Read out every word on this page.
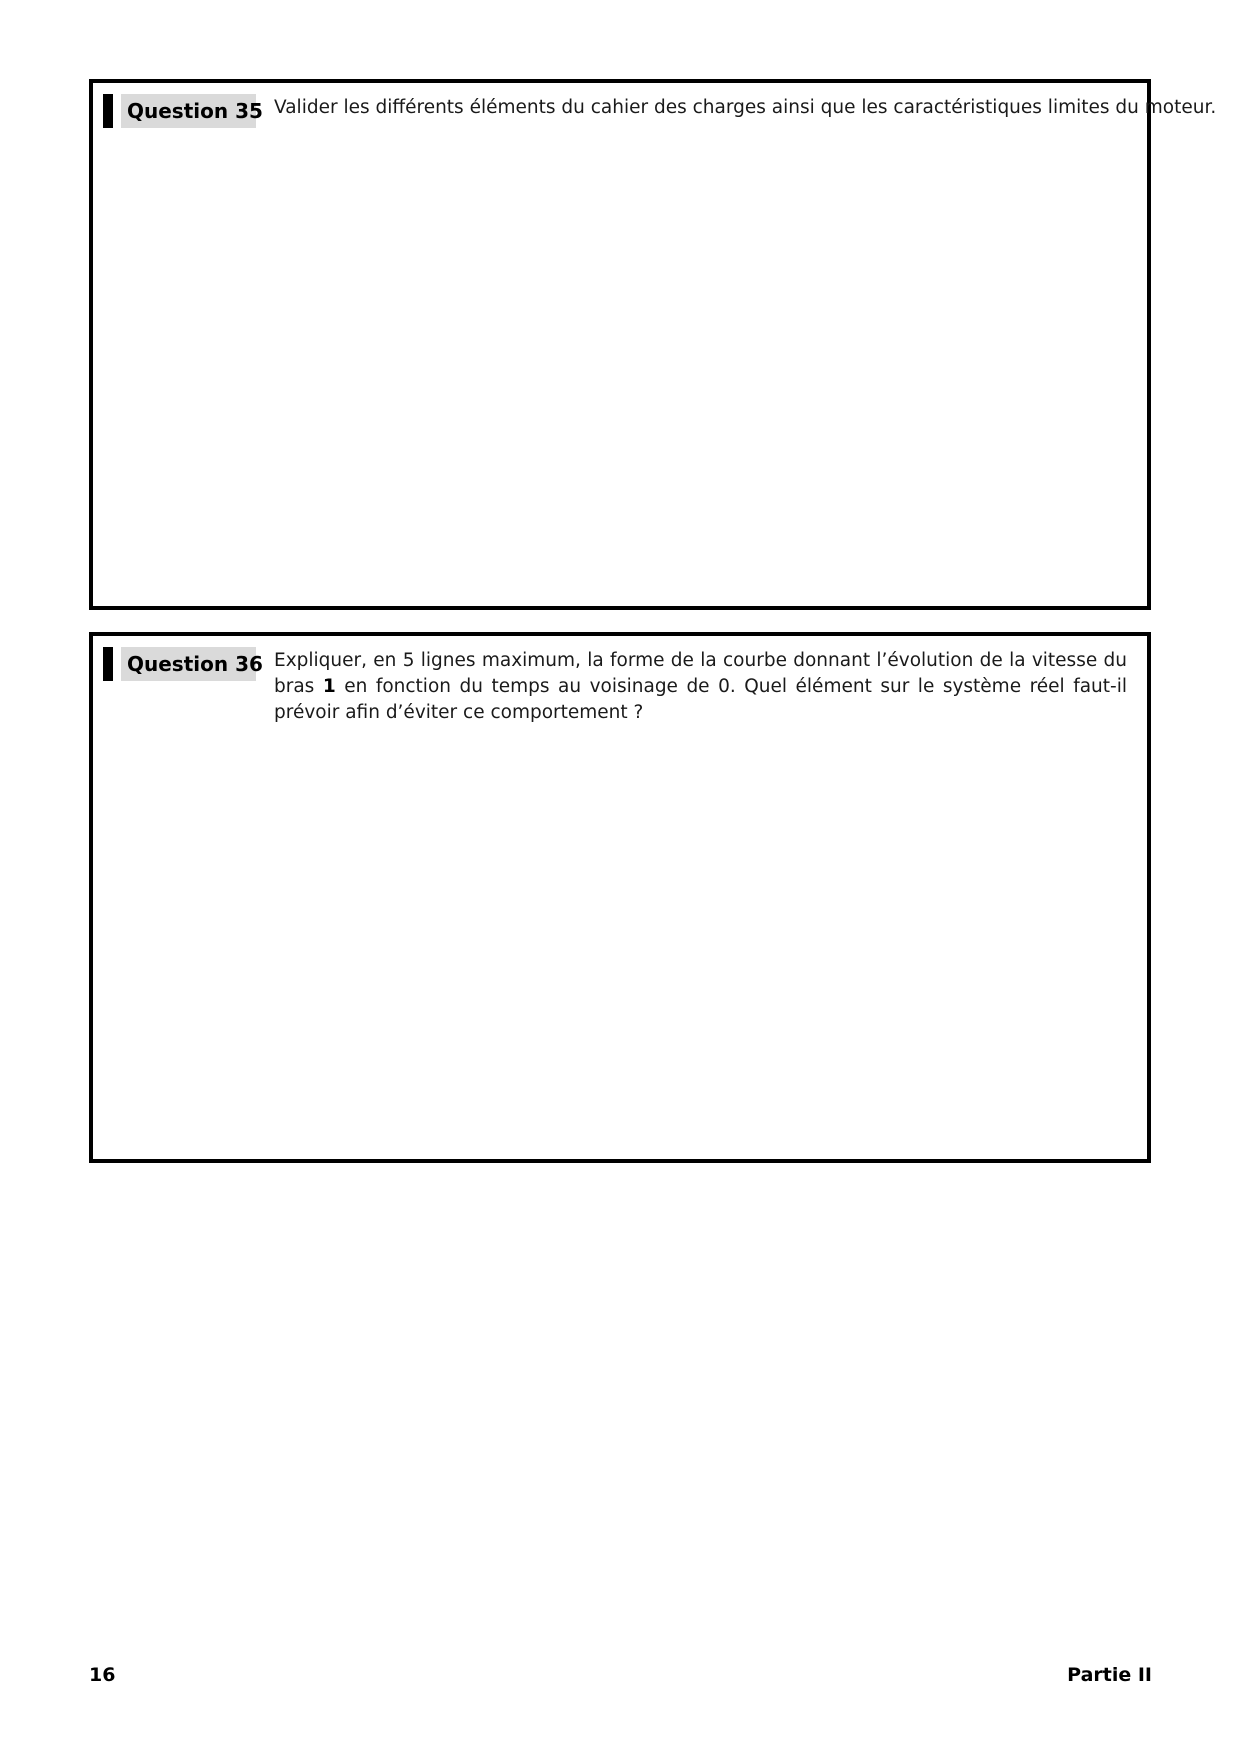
Question 35 Valider les différents éléments du cahier des charges ainsi que les caractéristiques limites du moteur.
Question 36 Expliquer, en 5 lignes maximum, la forme de la courbe donnant l’évolution de la vitesse du bras 1 en fonction du temps au voisinage de 0. Quel élément sur le système réel faut-il prévoir afin d’éviter ce comportement ?
16	Partie II
